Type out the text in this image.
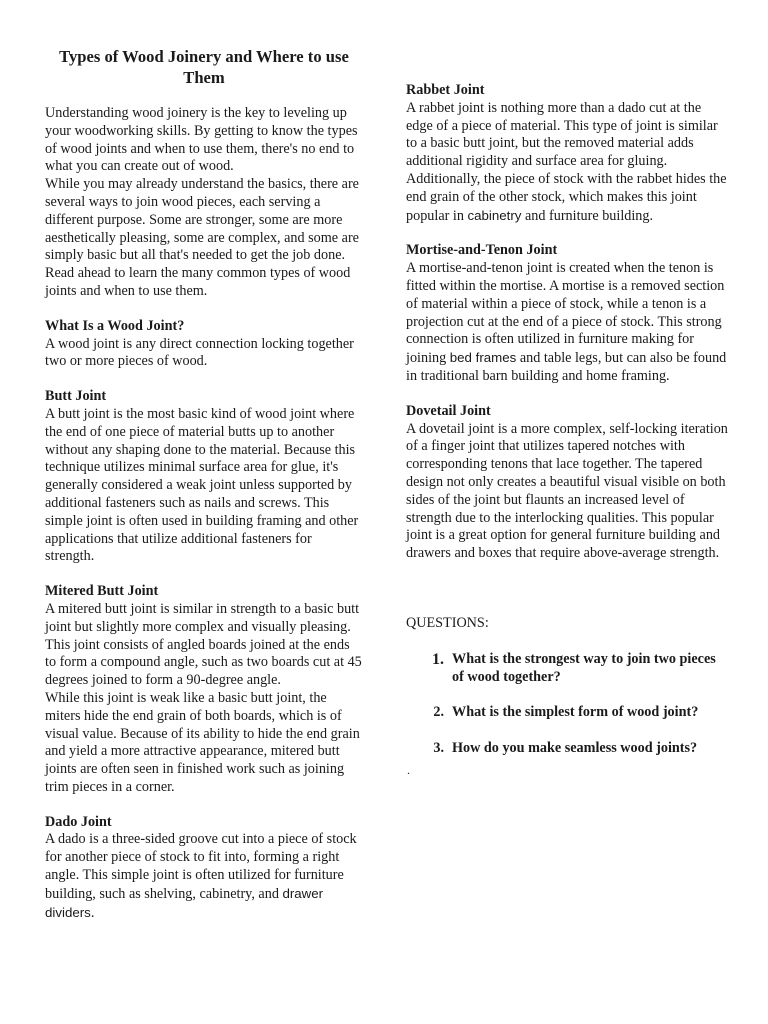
Types of Wood Joinery and Where to use Them

Understanding wood joinery is the key to leveling up your woodworking skills. By getting to know the types of wood joints and when to use them, there's no end to what you can create out of wood.

While you may already understand the basics, there are several ways to join wood pieces, each serving a different purpose. Some are stronger, some are more aesthetically pleasing, some are complex, and some are simply basic but all that's needed to get the job done. Read ahead to learn the many common types of wood joints and when to use them.

What Is a Wood Joint?

A wood joint is any direct connection locking together two or more pieces of wood.

Butt Joint

A butt joint is the most basic kind of wood joint where the end of one piece of material butts up to another without any shaping done to the material. Because this technique utilizes minimal surface area for glue, it's generally considered a weak joint unless supported by additional fasteners such as nails and screws. This simple joint is often used in building framing and other applications that utilize additional fasteners for strength.

Mitered Butt Joint

A mitered butt joint is similar in strength to a basic butt joint but slightly more complex and visually pleasing. This joint consists of angled boards joined at the ends to form a compound angle, such as two boards cut at 45 degrees joined to form a 90-degree angle.

While this joint is weak like a basic butt joint, the miters hide the end grain of both boards, which is of visual value. Because of its ability to hide the end grain and yield a more attractive appearance, mitered butt joints are often seen in finished work such as joining trim pieces in a corner.

Dado Joint

A dado is a three-sided groove cut into a piece of stock for another piece of stock to fit into, forming a right angle. This simple joint is often utilized for furniture building, such as shelving, cabinetry, and drawer dividers.

Rabbet Joint

A rabbet joint is nothing more than a dado cut at the edge of a piece of material. This type of joint is similar to a basic butt joint, but the removed material adds additional rigidity and surface area for gluing. Additionally, the piece of stock with the rabbet hides the end grain of the other stock, which makes this joint popular in cabinetry and furniture building.

Mortise-and-Tenon Joint

A mortise-and-tenon joint is created when the tenon is fitted within the mortise. A mortise is a removed section of material within a piece of stock, while a tenon is a projection cut at the end of a piece of stock. This strong connection is often utilized in furniture making for joining bed frames and table legs, but can also be found in traditional barn building and home framing.

Dovetail Joint

A dovetail joint is a more complex, self-locking iteration of a finger joint that utilizes tapered notches with corresponding tenons that lace together. The tapered design not only creates a beautiful visual visible on both sides of the joint but flaunts an increased level of strength due to the interlocking qualities. This popular joint is a great option for general furniture building and drawers and boxes that require above-average strength.

QUESTIONS:

1. What is the strongest way to join two pieces of wood together?
2. What is the simplest form of wood joint?
3. How do you make seamless wood joints?
.
